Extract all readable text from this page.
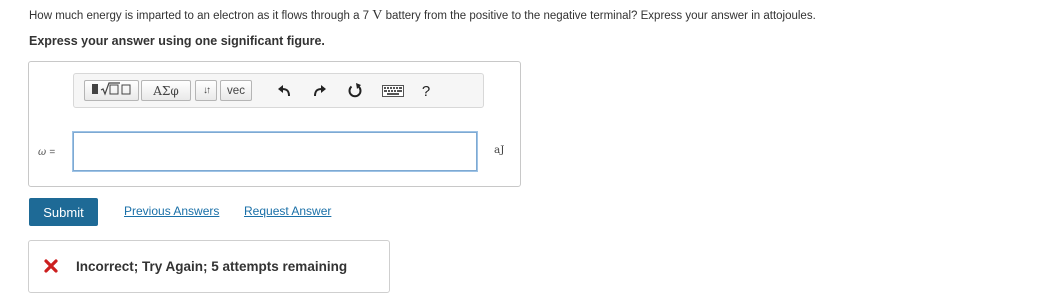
How much energy is imparted to an electron as it flows through a 7 V battery from the positive to the negative terminal? Express your answer in attojoules.
Express your answer using one significant figure.
ΑΣφ ↓↑ vec	?
ω =	aJ
Submit	Previous Answers Request Answer
Incorrect; Try Again; 5 attempts remaining
